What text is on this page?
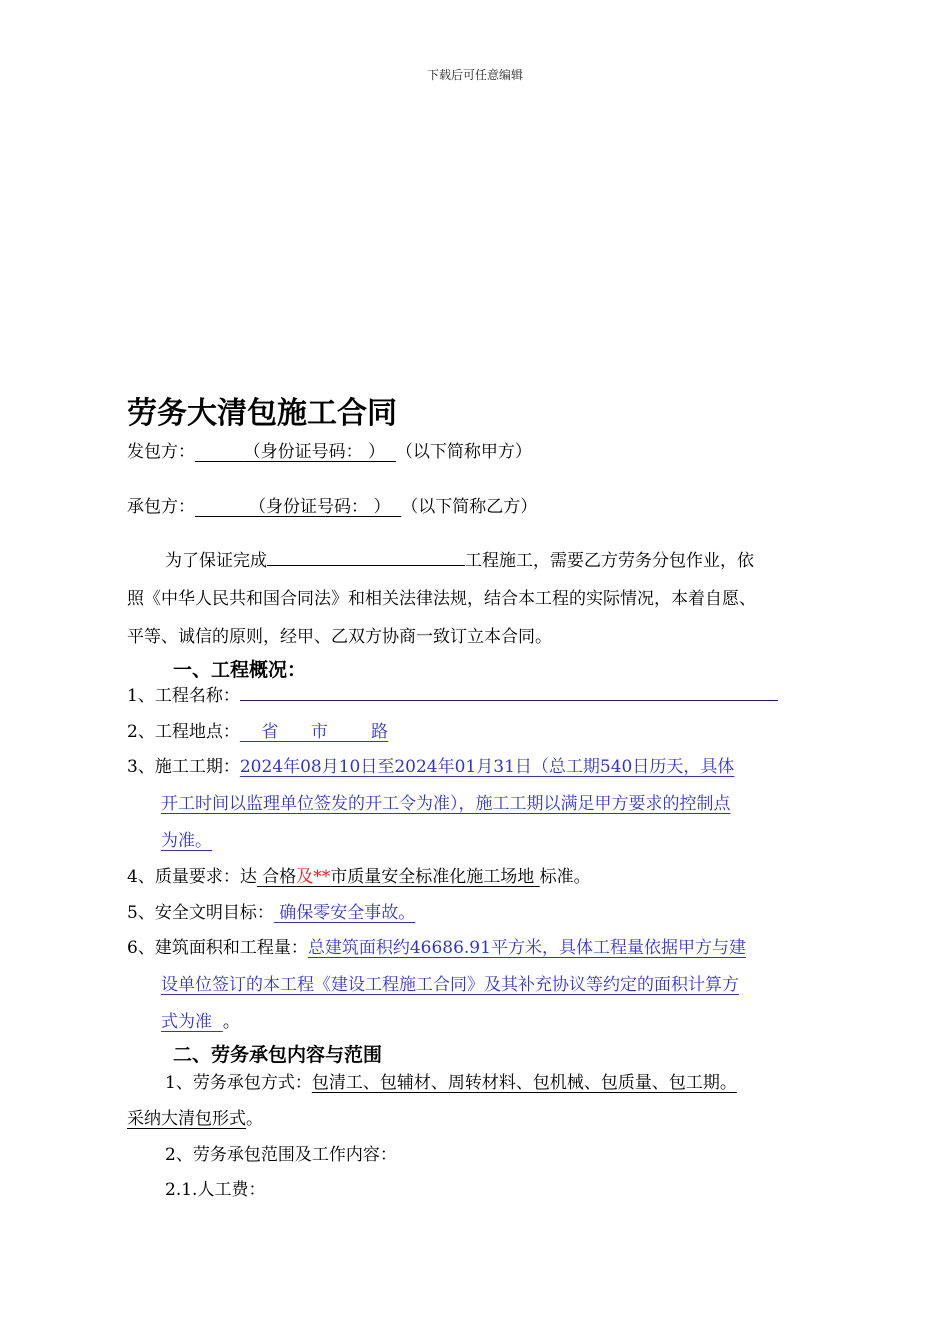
下载后可任意编辑
劳务大清包施工合同
发包方：	（身份证号码： ） （以下简称甲方）
承包方：	（身份证号码： ） （以下简称乙方）
为了保证完成	工程施工，需要乙方劳务分包作业，依
照《中华人民共和国合同法》和相关法律法规，结合本工程的实际情况，本着自愿、
平等、诚信的原则，经甲、乙双方协商一致订立本合同。
一、工程概况：
1、工程名称：
2、工程地点：    省      市        路
3、施工工期：2024年08月10日至2024年01月31日（总工期540日历天，具体
开工时间以监理单位签发的开工令为准），施工工期以满足甲方要求的控制点
为准。
4、质量要求：达 合格及**市质量安全标准化施工场地 标准。
5、安全文明目标： 确保零安全事故。
6、建筑面积和工程量：总建筑面积约46686.91平方米，具体工程量依据甲方与建
设单位签订的本工程《建设工程施工合同》及其补充协议等约定的面积计算方
式为准 。
二、劳务承包内容与范围
1、劳务承包方式：包清工、包辅材、周转材料、包机械、包质量、包工期。
采纳大清包形式。
2、劳务承包范围及工作内容：
2.1.人工费：
